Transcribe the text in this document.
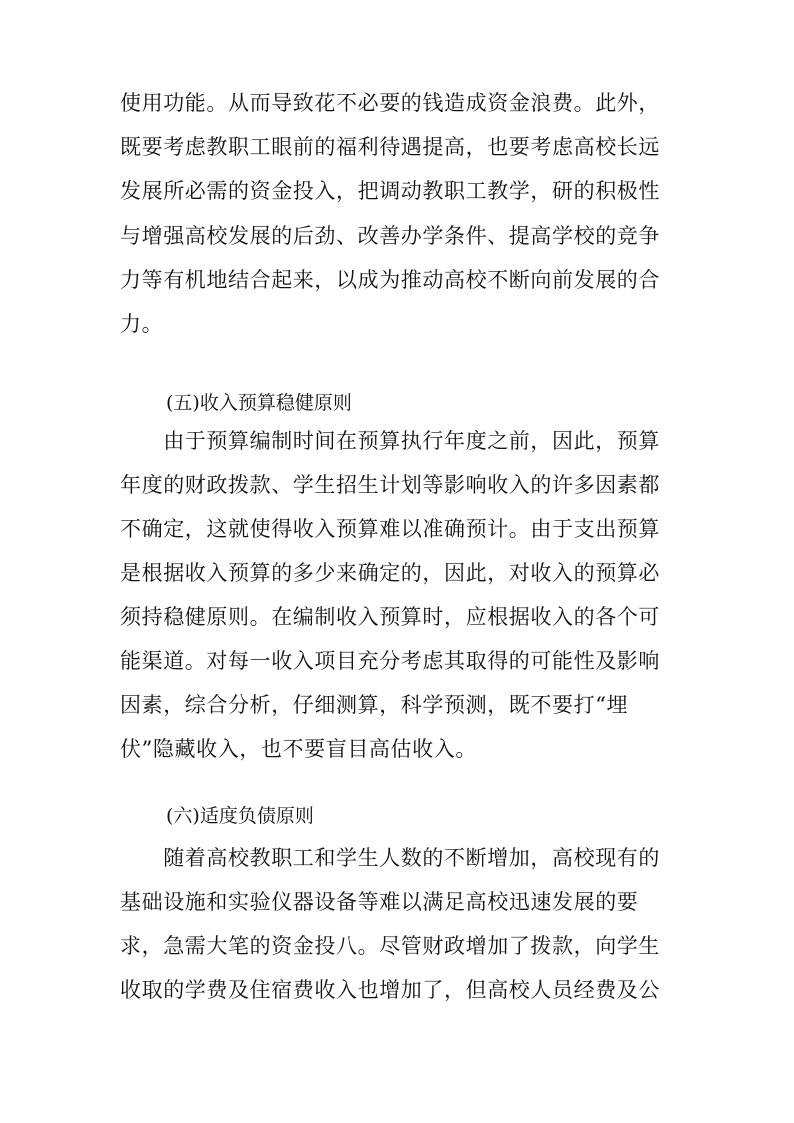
使用功能。从而导致花不必要的钱造成资金浪费。此外，
既要考虑教职工眼前的福利待遇提高，也要考虑高校长远
发展所必需的资金投入，把调动教职工教学，研的积极性
与增强高校发展的后劲、改善办学条件、提高学校的竞争
力等有机地结合起来，以成为推动高校不断向前发展的合
力。
(五)收入预算稳健原则
　　由于预算编制时间在预算执行年度之前，因此，预算
年度的财政拨款、学生招生计划等影响收入的许多因素都
不确定，这就使得收入预算难以准确预计。由于支出预算
是根据收入预算的多少来确定的，因此，对收入的预算必
须持稳健原则。在编制收入预算时，应根据收入的各个可
能渠道。对每一收入项目充分考虑其取得的可能性及影响
因素，综合分析，仔细测算，科学预测，既不要打“埋
伏”隐藏收入，也不要盲目高估收入。
(六)适度负债原则
　　随着高校教职工和学生人数的不断增加，高校现有的
基础设施和实验仪器设备等难以满足高校迅速发展的要
求，急需大笔的资金投八。尽管财政增加了拨款，向学生
收取的学费及住宿费收入也增加了，但高校人员经费及公
